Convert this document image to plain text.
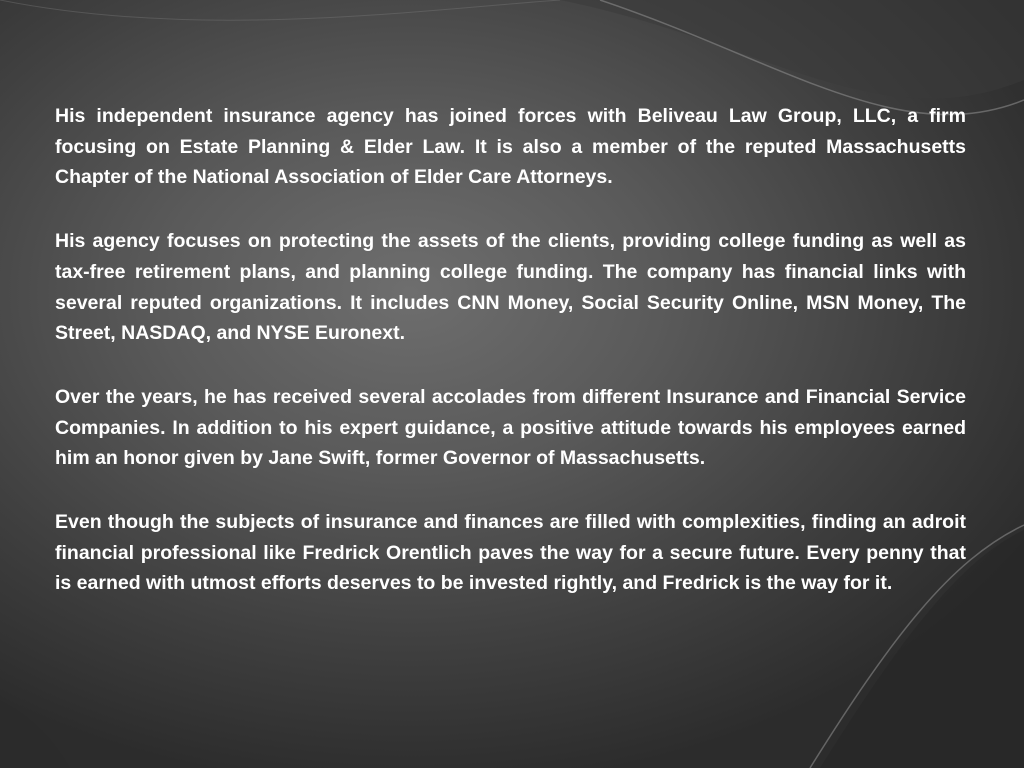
His independent insurance agency has joined forces with Beliveau Law Group, LLC, a firm focusing on Estate Planning & Elder Law. It is also a member of the reputed Massachusetts Chapter of the National Association of Elder Care Attorneys.

His agency focuses on protecting the assets of the clients, providing college funding as well as tax-free retirement plans, and planning college funding. The company has financial links with several reputed organizations. It includes CNN Money, Social Security Online, MSN Money, The Street, NASDAQ, and NYSE Euronext.

Over the years, he has received several accolades from different Insurance and Financial Service Companies. In addition to his expert guidance, a positive attitude towards his employees earned him an honor given by Jane Swift, former Governor of Massachusetts.

Even though the subjects of insurance and finances are filled with complexities, finding an adroit financial professional like Fredrick Orentlich paves the way for a secure future. Every penny that is earned with utmost efforts deserves to be invested rightly, and Fredrick is the way for it.
